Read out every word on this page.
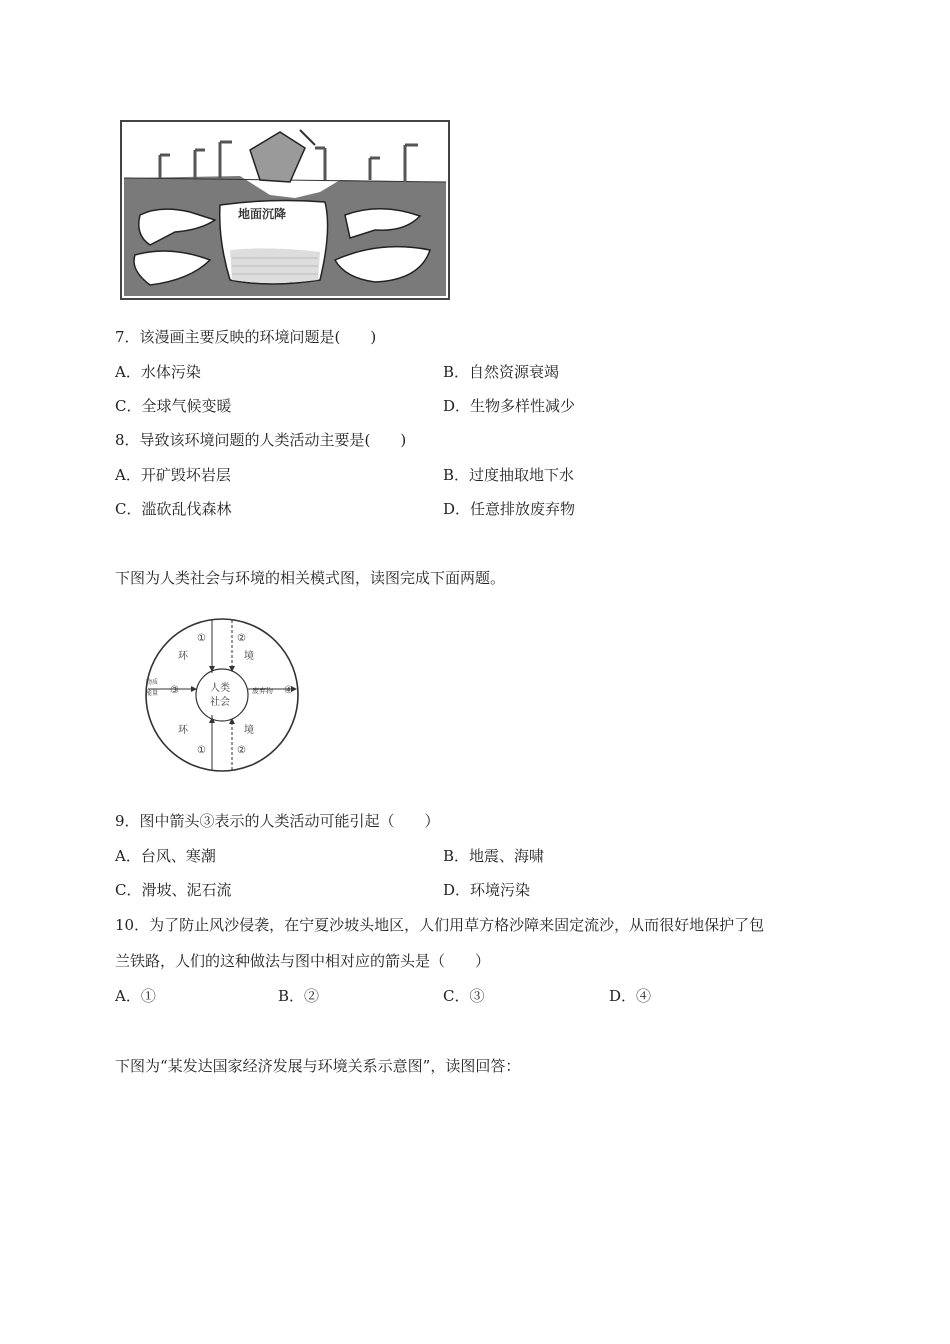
地面沉降
7．该漫画主要反映的环境问题是(　　)
A．水体污染	B．自然资源衰竭
C．全球气候变暖	D．生物多样性减少
8．导致该环境问题的人类活动主要是(　　)
A．开矿毁坏岩层	B．过度抽取地下水
C．滥砍乱伐森林	D．任意排放废弃物
下图为人类社会与环境的相关模式图，读图完成下面两题。
①	②
环	境
人类
社会
物质
能量 ③	废弃物 ④
环	境
①	②
9．图中箭头③表示的人类活动可能引起（　　）
A．台风、寒潮	B．地震、海啸
C．滑坡、泥石流	D．环境污染
10．为了防止风沙侵袭，在宁夏沙坡头地区，人们用草方格沙障来固定流沙，从而很好地保护了包
兰铁路，人们的这种做法与图中相对应的箭头是（　　）
A．①	B．②	C．③	D．④
下图为“某发达国家经济发展与环境关系示意图”，读图回答：
